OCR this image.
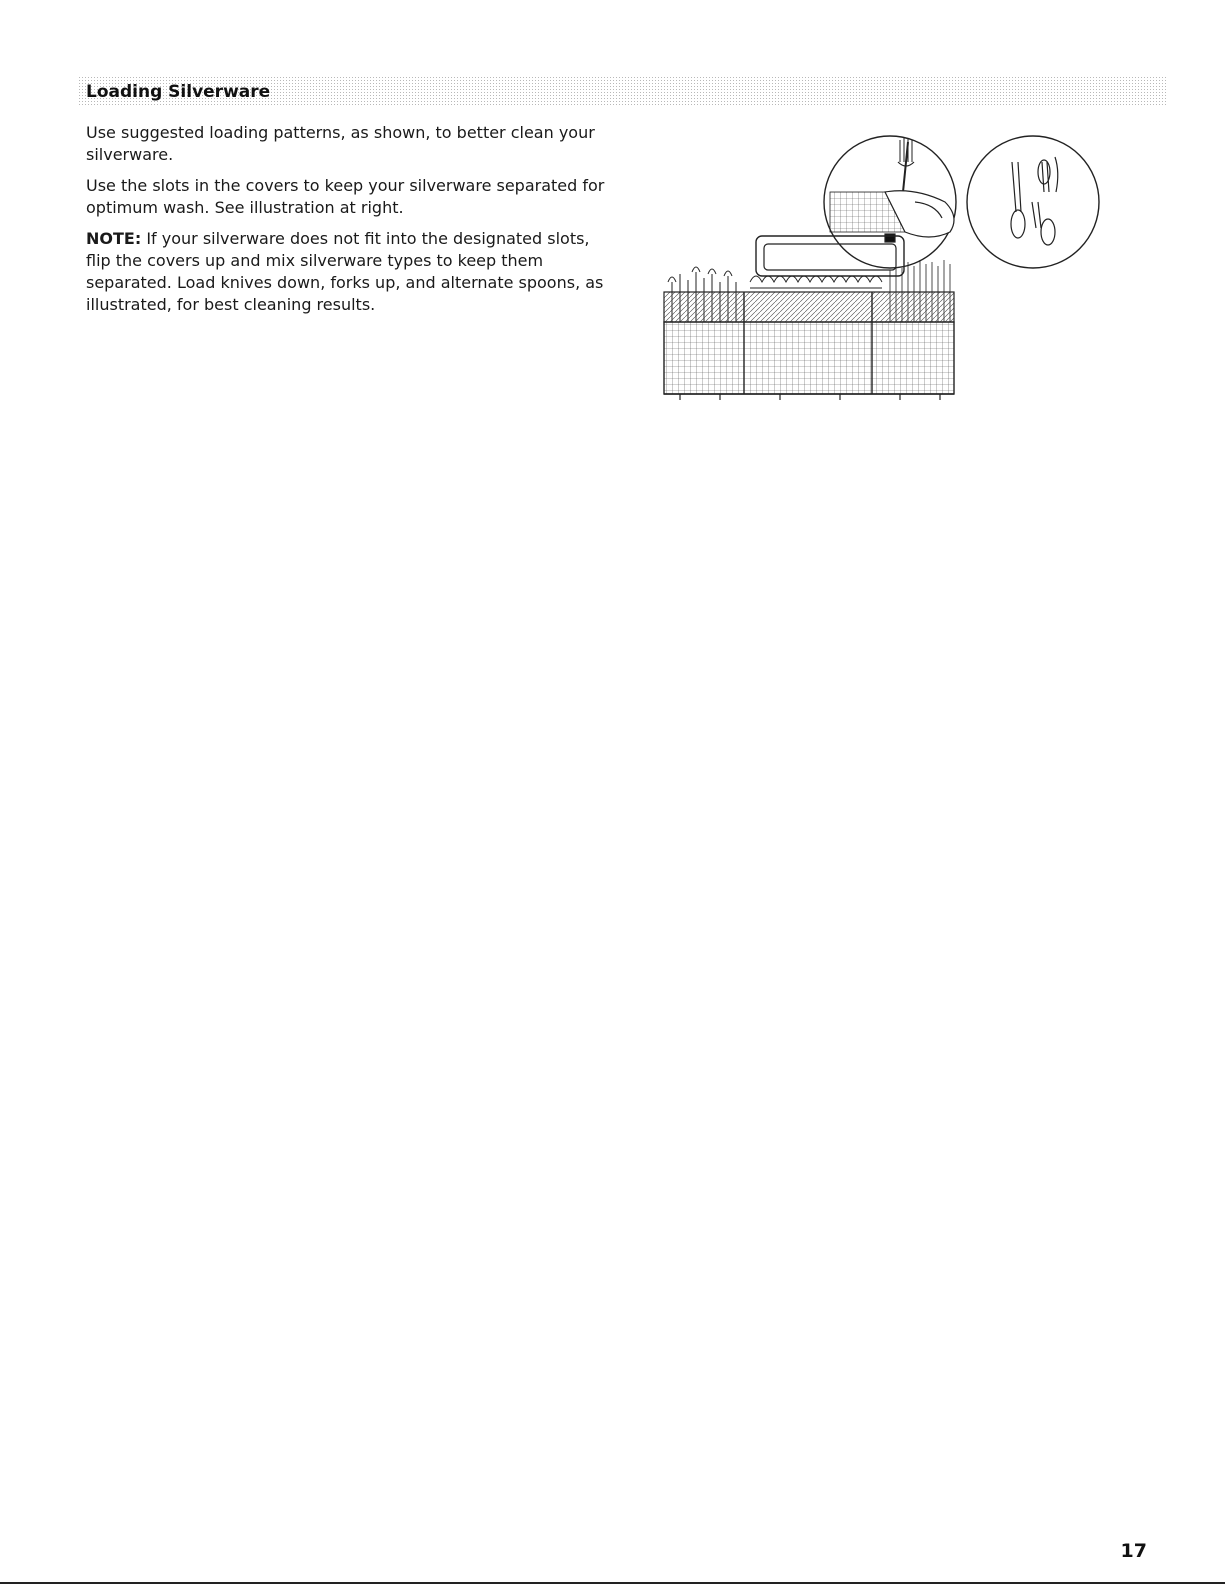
Loading Silverware

Use suggested loading patterns, as shown, to better clean your silverware.

Use the slots in the covers to keep your silverware separated for optimum wash. See illustration at right.

NOTE: If your silverware does not fit into the designated slots, flip the covers up and mix silverware types to keep them separated. Load knives down, forks up, and alternate spoons, as illustrated, for best cleaning results.

17
